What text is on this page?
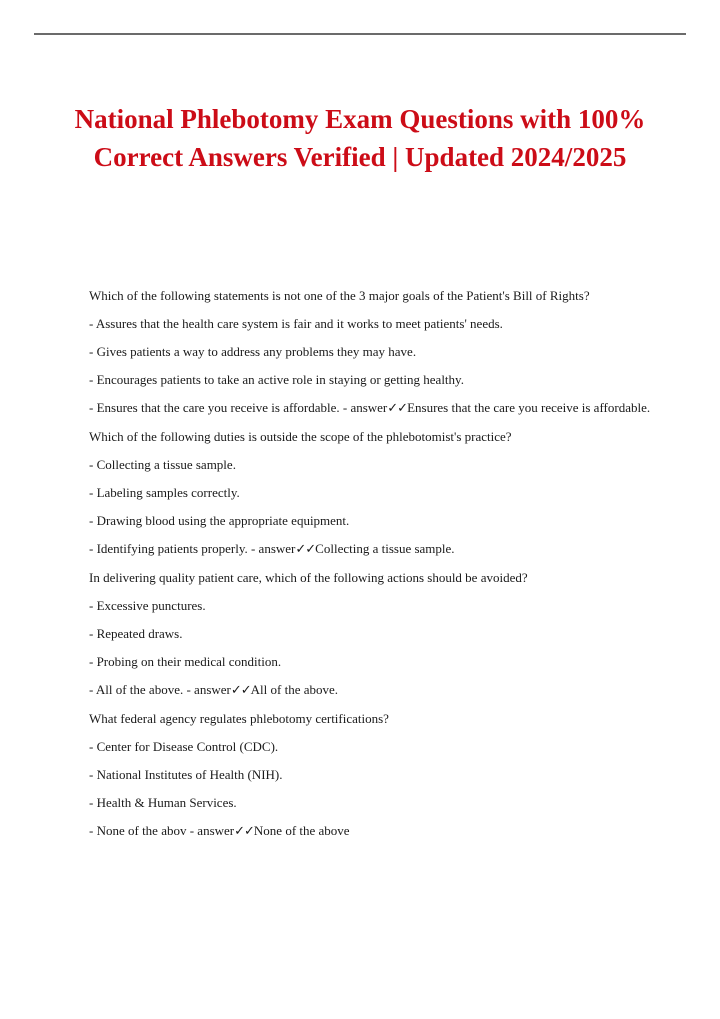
National Phlebotomy Exam Questions with 100% Correct Answers Verified | Updated 2024/2025

Which of the following statements is not one of the 3 major goals of the Patient's Bill of Rights?

- Assures that the health care system is fair and it works to meet patients' needs.

- Gives patients a way to address any problems they may have.

- Encourages patients to take an active role in staying or getting healthy.

- Ensures that the care you receive is affordable. - answer✓✓Ensures that the care you receive is affordable.

Which of the following duties is outside the scope of the phlebotomist's practice?

- Collecting a tissue sample.

- Labeling samples correctly.

- Drawing blood using the appropriate equipment.

- Identifying patients properly. - answer✓✓Collecting a tissue sample.

In delivering quality patient care, which of the following actions should be avoided?

- Excessive punctures.

- Repeated draws.

- Probing on their medical condition.

- All of the above. - answer✓✓All of the above.

What federal agency regulates phlebotomy certifications?

- Center for Disease Control (CDC).

- National Institutes of Health (NIH).

- Health & Human Services.

- None of the abov - answer✓✓None of the above
